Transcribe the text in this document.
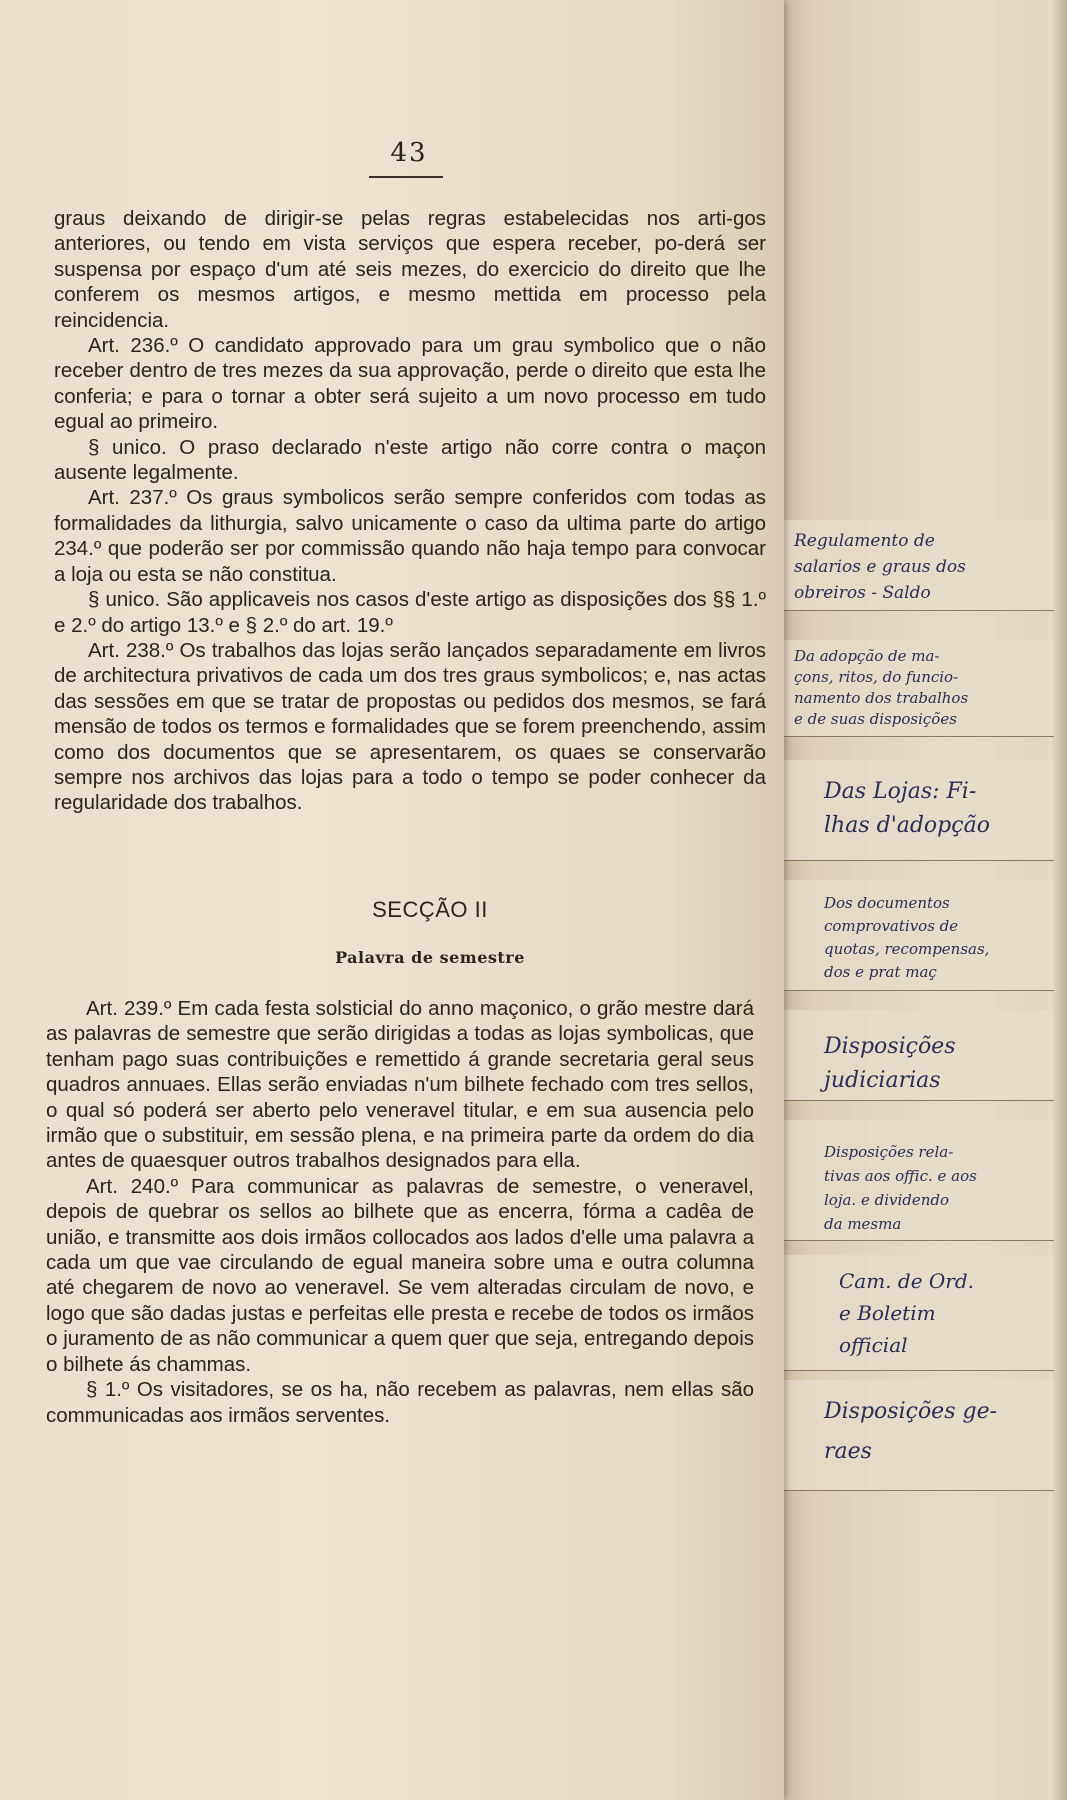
Regulamento de
salarios e graus dos
obreiros - Saldo
Da adopção de ma-
çons, ritos, do funcio-
namento dos trabalhos
e de suas disposições
Das Lojas: Fi-
lhas d'adopção
Dos documentos
comprovativos de
quotas, recompensas,
dos e prat maç
Disposições
judiciarias
Disposições rela-
tivas aos offic. e aos
loja. e dividendo
da mesma
Cam. de Ord.
e Boletim
official
Disposições ge-
raes
43

graus deixando de dirigir-se pelas regras estabelecidas nos arti-gos anteriores, ou tendo em vista serviços que espera receber, po-derá ser suspensa por espaço d'um até seis mezes, do exercicio do direito que lhe conferem os mesmos artigos, e mesmo mettida em processo pela reincidencia.

Art. 236.º O candidato approvado para um grau symbolico que o não receber dentro de tres mezes da sua approvação, perde o direito que esta lhe conferia; e para o tornar a obter será sujeito a um novo processo em tudo egual ao primeiro.

§ unico. O praso declarado n'este artigo não corre contra o maçon ausente legalmente.

Art. 237.º Os graus symbolicos serão sempre conferidos com todas as formalidades da lithurgia, salvo unicamente o caso da ultima parte do artigo 234.º que poderão ser por commissão quando não haja tempo para convocar a loja ou esta se não constitua.

§ unico. São applicaveis nos casos d'este artigo as disposições dos §§ 1.º e 2.º do artigo 13.º e § 2.º do art. 19.º

Art. 238.º Os trabalhos das lojas serão lançados separadamente em livros de architectura privativos de cada um dos tres graus symbolicos; e, nas actas das sessões em que se tratar de propostas ou pedidos dos mesmos, se fará mensão de todos os termos e formalidades que se forem preenchendo, assim como dos documentos que se apresentarem, os quaes se conservarão sempre nos archivos das lojas para a todo o tempo se poder conhecer da regularidade dos trabalhos.

SECÇÃO II
Palavra de semestre

Art. 239.º Em cada festa solsticial do anno maçonico, o grão mestre dará as palavras de semestre que serão dirigidas a todas as lojas symbolicas, que tenham pago suas contribuições e remettido á grande secretaria geral seus quadros annuaes. Ellas serão enviadas n'um bilhete fechado com tres sellos, o qual só poderá ser aberto pelo veneravel titular, e em sua ausencia pelo irmão que o substituir, em sessão plena, e na primeira parte da ordem do dia antes de quaesquer outros trabalhos designados para ella.

Art. 240.º Para communicar as palavras de semestre, o veneravel, depois de quebrar os sellos ao bilhete que as encerra, fórma a cadêa de união, e transmitte aos dois irmãos collocados aos lados d'elle uma palavra a cada um que vae circulando de egual maneira sobre uma e outra columna até chegarem de novo ao veneravel. Se vem alteradas circulam de novo, e logo que são dadas justas e perfeitas elle presta e recebe de todos os irmãos o juramento de as não communicar a quem quer que seja, entregando depois o bilhete ás chammas.

§ 1.º Os visitadores, se os ha, não recebem as palavras, nem ellas são communicadas aos irmãos serventes.
